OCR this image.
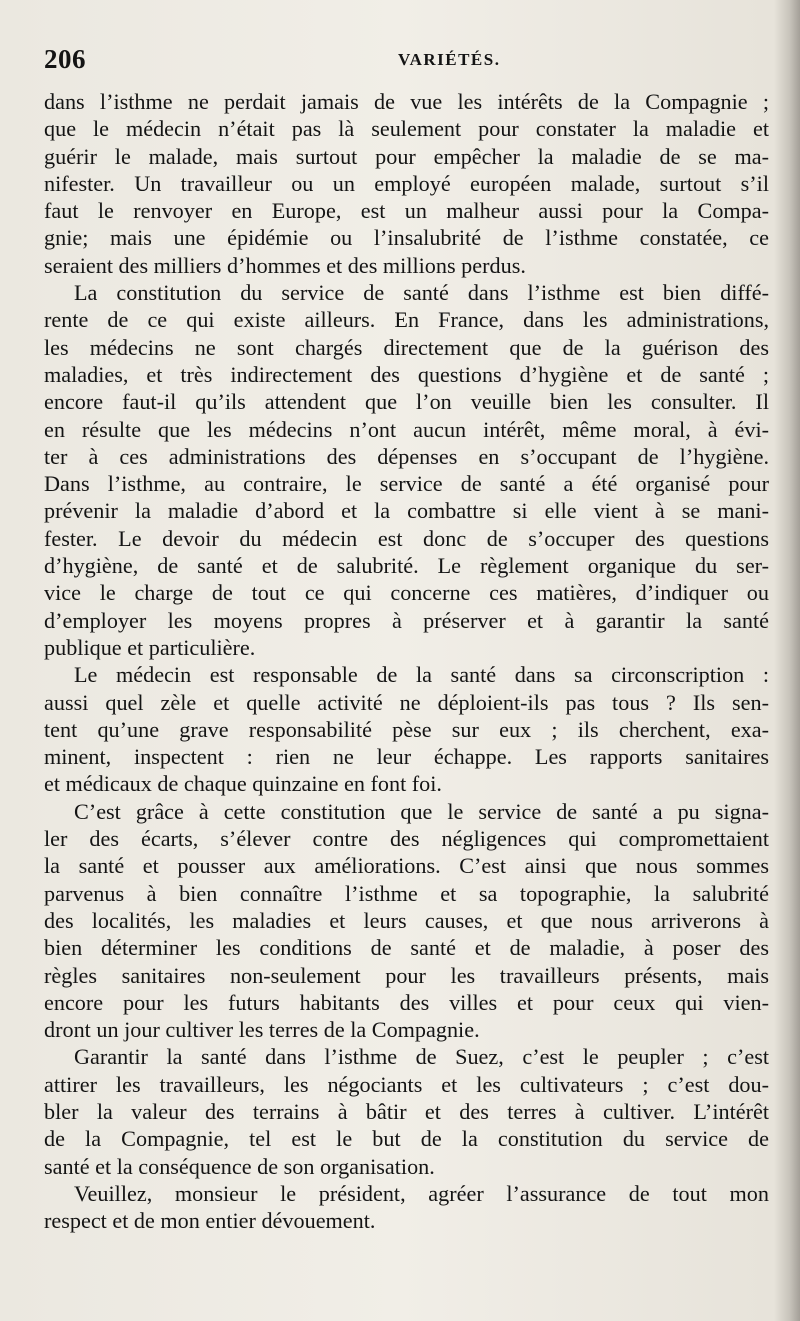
206	VARIÉTÉS.
dans l’isthme ne perdait jamais de vue les intérêts de la Compagnie ;
que le médecin n’était pas là seulement pour constater la maladie et
guérir le malade, mais surtout pour empêcher la maladie de se ma-
nifester. Un travailleur ou un employé européen malade, surtout s’il
faut le renvoyer en Europe, est un malheur aussi pour la Compa-
gnie; mais une épidémie ou l’insalubrité de l’isthme constatée, ce
seraient des milliers d’hommes et des millions perdus.
La constitution du service de santé dans l’isthme est bien diffé-
rente de ce qui existe ailleurs. En France, dans les administrations,
les médecins ne sont chargés directement que de la guérison des
maladies, et très indirectement des questions d’hygiène et de santé ;
encore faut-il qu’ils attendent que l’on veuille bien les consulter. Il
en résulte que les médecins n’ont aucun intérêt, même moral, à évi-
ter à ces administrations des dépenses en s’occupant de l’hygiène.
Dans l’isthme, au contraire, le service de santé a été organisé pour
prévenir la maladie d’abord et la combattre si elle vient à se mani-
fester. Le devoir du médecin est donc de s’occuper des questions
d’hygiène, de santé et de salubrité. Le règlement organique du ser-
vice le charge de tout ce qui concerne ces matières, d’indiquer ou
d’employer les moyens propres à préserver et à garantir la santé
publique et particulière.
Le médecin est responsable de la santé dans sa circonscription :
aussi quel zèle et quelle activité ne déploient-ils pas tous ? Ils sen-
tent qu’une grave responsabilité pèse sur eux ; ils cherchent, exa-
minent, inspectent : rien ne leur échappe. Les rapports sanitaires
et médicaux de chaque quinzaine en font foi.
C’est grâce à cette constitution que le service de santé a pu signa-
ler des écarts, s’élever contre des négligences qui compromettaient
la santé et pousser aux améliorations. C’est ainsi que nous sommes
parvenus à bien connaître l’isthme et sa topographie, la salubrité
des localités, les maladies et leurs causes, et que nous arriverons à
bien déterminer les conditions de santé et de maladie, à poser des
règles sanitaires non-seulement pour les travailleurs présents, mais
encore pour les futurs habitants des villes et pour ceux qui vien-
dront un jour cultiver les terres de la Compagnie.
Garantir la santé dans l’isthme de Suez, c’est le peupler ; c’est
attirer les travailleurs, les négociants et les cultivateurs ; c’est dou-
bler la valeur des terrains à bâtir et des terres à cultiver. L’intérêt
de la Compagnie, tel est le but de la constitution du service de
santé et la conséquence de son organisation.
Veuillez, monsieur le président, agréer l’assurance de tout mon
respect et de mon entier dévouement.
